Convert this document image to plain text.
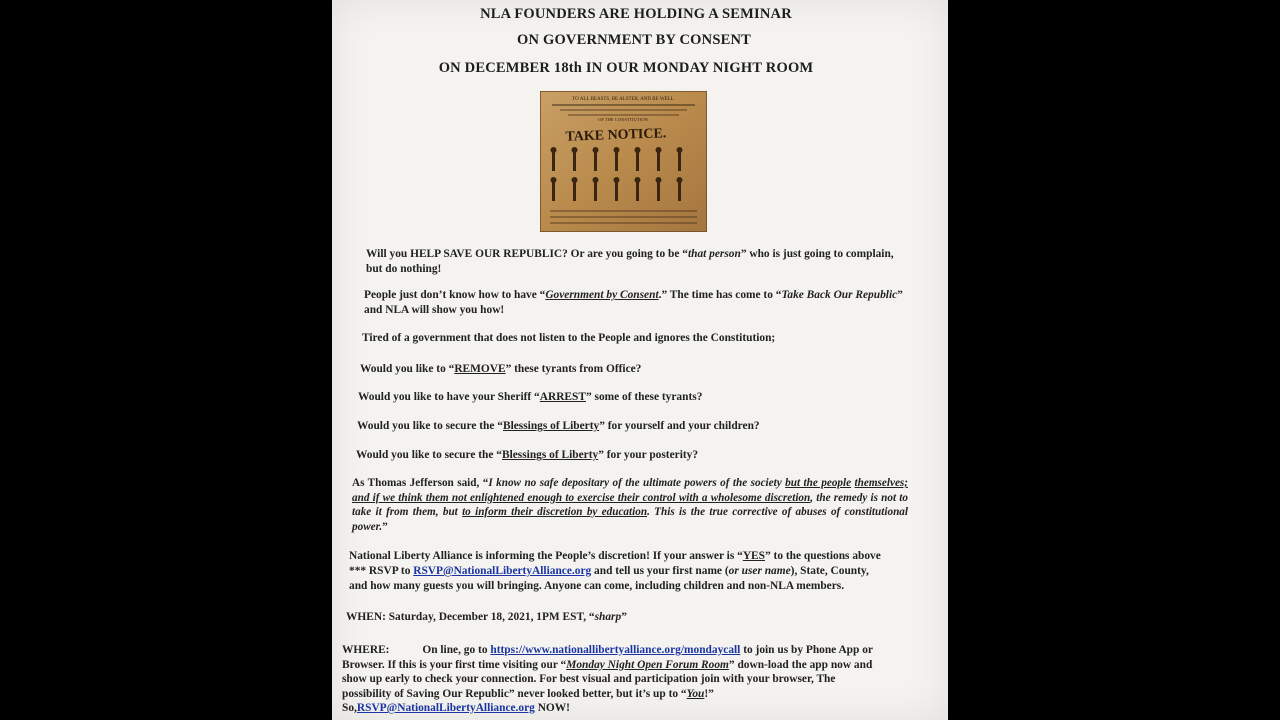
NLA FOUNDERS ARE HOLDING A SEMINAR
ON GOVERNMENT BY CONSENT
ON DECEMBER 18th IN OUR MONDAY NIGHT ROOM
TO ALL BEASTS, BE ALSTER, AND BE WELL
OF THE CONSTITUTION
TAKE NOTICE.
Will you HELP SAVE OUR REPUBLIC? Or are you going to be “that person” who is just going to complain,
but do nothing!
People just don’t know how to have “Government by Consent.” The time has come to “Take Back Our Republic”
and NLA will show you how!
Tired of a government that does not listen to the People and ignores the Constitution;
Would you like to “REMOVE” these tyrants from Office?
Would you like to have your Sheriff “ARREST” some of these tyrants?
Would you like to secure the “Blessings of Liberty” for yourself and your children?
Would you like to secure the “Blessings of Liberty” for your posterity?
As Thomas Jefferson said, “I know no safe depositary of the ultimate powers of the society but the people themselves; and if we think them not enlightened enough to exercise their control with a wholesome discretion, the remedy is not to take it from them, but to inform their discretion by education. This is the true corrective of abuses of constitutional power.”
National Liberty Alliance is informing the People’s discretion! If your answer is “YES” to the questions above
*** RSVP to RSVP@NationalLibertyAlliance.org and tell us your first name (or user name), State, County,
and how many guests you will bringing. Anyone can come, including children and non-NLA members.
WHEN: Saturday, December 18, 2021, 1PM EST, “sharp”
WHERE:	On line, go to https://www.nationallibertyalliance.org/mondaycall to join us by Phone App or
Browser. If this is your first time visiting our “Monday Night Open Forum Room” down-load the app now and
show up early to check your connection. For best visual and participation join with your browser, The
possibility of Saving Our Republic” never looked better, but it’s up to “You!”
So,RSVP@NationalLibertyAlliance.org NOW!
